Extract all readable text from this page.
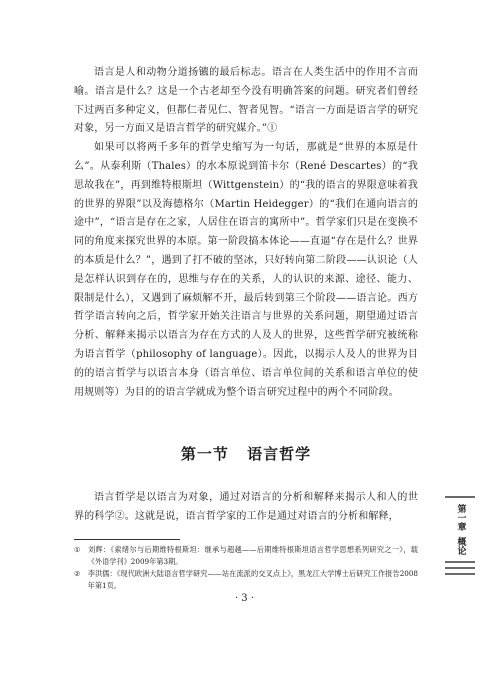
语言是人和动物分道扬镳的最后标志。语言在人类生活中的作用不言而喻。语言是什么？这是一个古老却至今没有明确答案的问题。研究者们曾经下过两百多种定义，但都仁者见仁、智者见智。“语言一方面是语言学的研究对象，另一方面又是语言哲学的研究媒介。”①

如果可以将两千多年的哲学史缩写为一句话，那就是“世界的本原是什么”。从泰利斯（Thales）的水本原说到笛卡尔（René Descartes）的“我思故我在”，再到维特根斯坦（Wittgenstein）的“我的语言的界限意味着我的世界的界限”以及海德格尔（Martin Heidegger）的“我们在通向语言的途中”，“语言是存在之家，人居住在语言的寓所中”。哲学家们只是在变换不同的角度来探究世界的本原。第一阶段搞本体论——直逼“存在是什么？世界的本质是什么？”，遇到了打不破的坚冰，只好转向第二阶段——认识论（人是怎样认识到存在的，思维与存在的关系，人的认识的来源、途径、能力、限制是什么），又遇到了麻烦解不开，最后转到第三个阶段——语言论。西方哲学语言转向之后，哲学家开始关注语言与世界的关系问题，期望通过语言分析、解释来揭示以语言为存在方式的人及人的世界，这些哲学研究被统称为语言哲学（philosophy of language）。因此，以揭示人及人的世界为目的的语言哲学与以语言本身（语言单位、语言单位间的关系和语言单位的使用规则等）为目的的语言学就成为整个语言研究过程中的两个不同阶段。

第一节 语言哲学

语言哲学是以语言为对象，通过对语言的分析和解释来揭示人和人的世界的科学②。这就是说，语言哲学家的工作是通过对语言的分析和解释，

① 刘辉：《索绪尔与后期维特根斯坦：继承与超越——后期维特根斯坦语言哲学思想系列研究之一》，载《外语学刊》2009年第3期。

② 李洪儒：《现代欧洲大陆语言哲学研究——站在流派的交叉点上》，黑龙江大学博士后研究工作报告2008年第1页。

· 3 ·
第一章
概论
